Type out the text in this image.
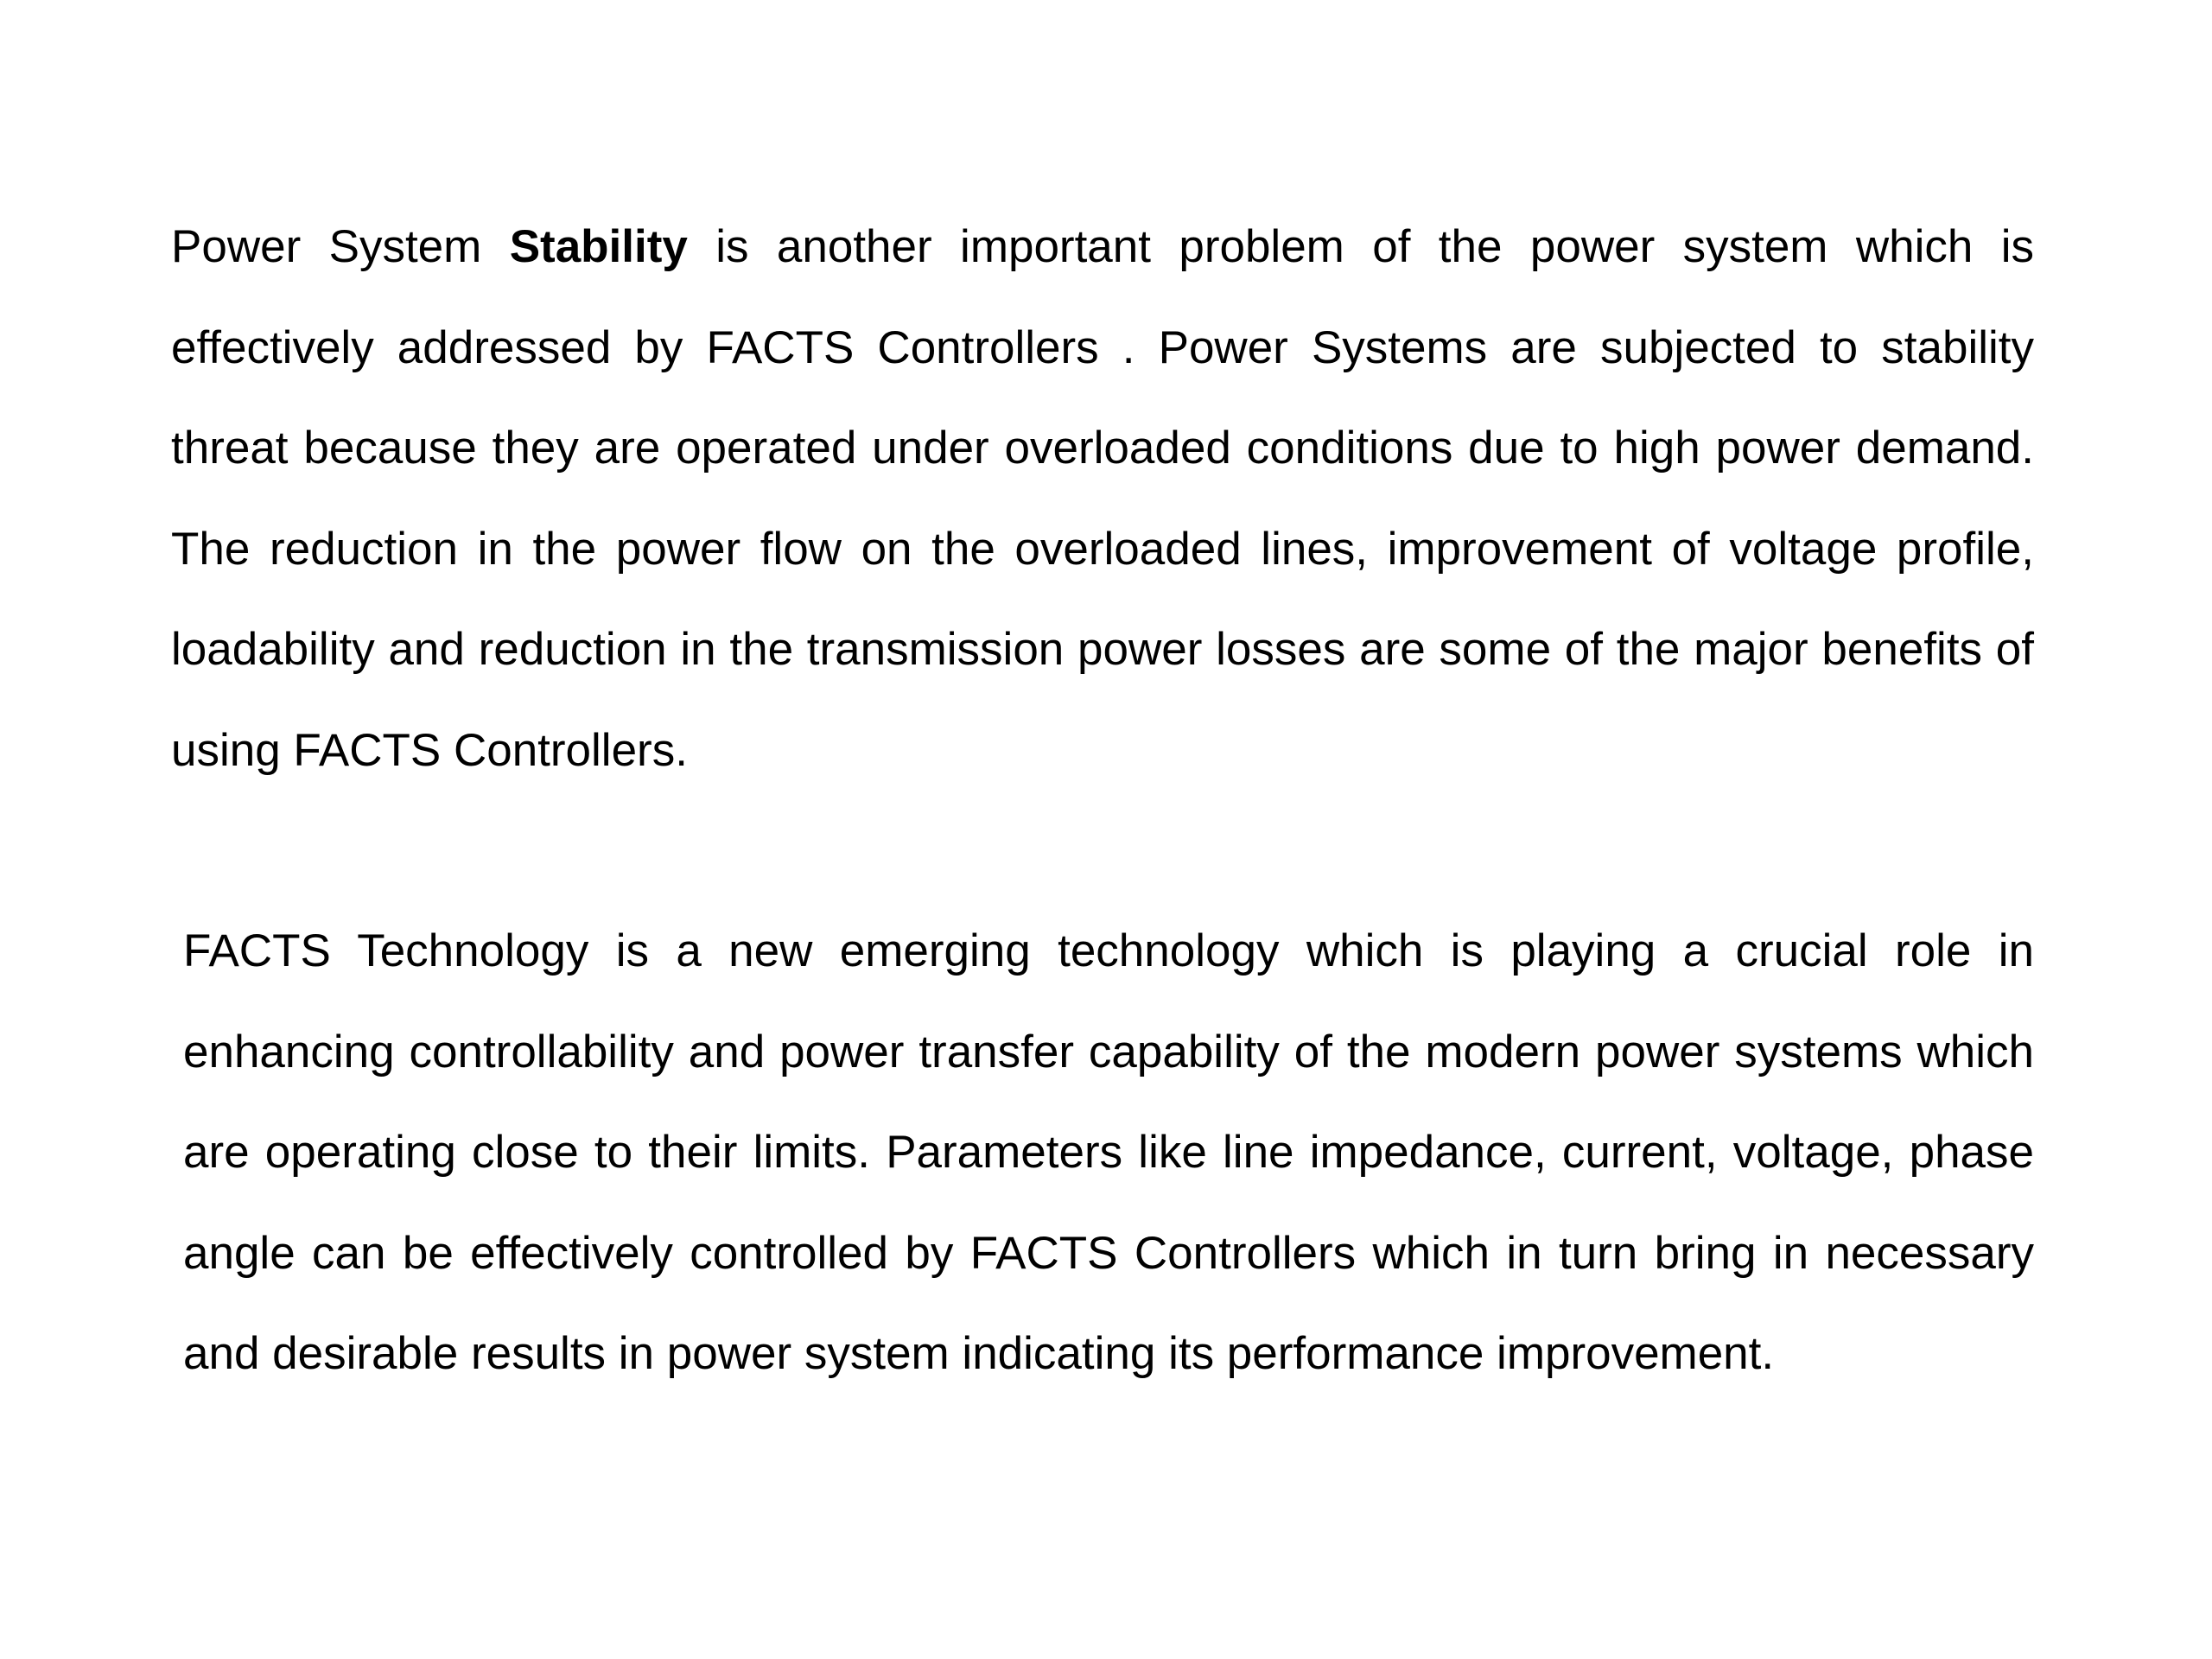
Power System Stability is another important problem of the power system which is effectively addressed by FACTS Controllers . Power Systems are subjected to stability threat because they are operated under overloaded conditions due to high power demand. The reduction in the power flow on the overloaded lines, improvement of voltage profile, loadability and reduction in the transmission power losses are some of the major benefits of using FACTS Controllers.

FACTS Technology is a new emerging technology which is playing a crucial role in enhancing controllability and power transfer capability of the modern power systems which are operating close to their limits. Parameters like line impedance, current, voltage, phase angle can be effectively controlled by FACTS Controllers which in turn bring in necessary and desirable results in power system indicating its performance improvement.
